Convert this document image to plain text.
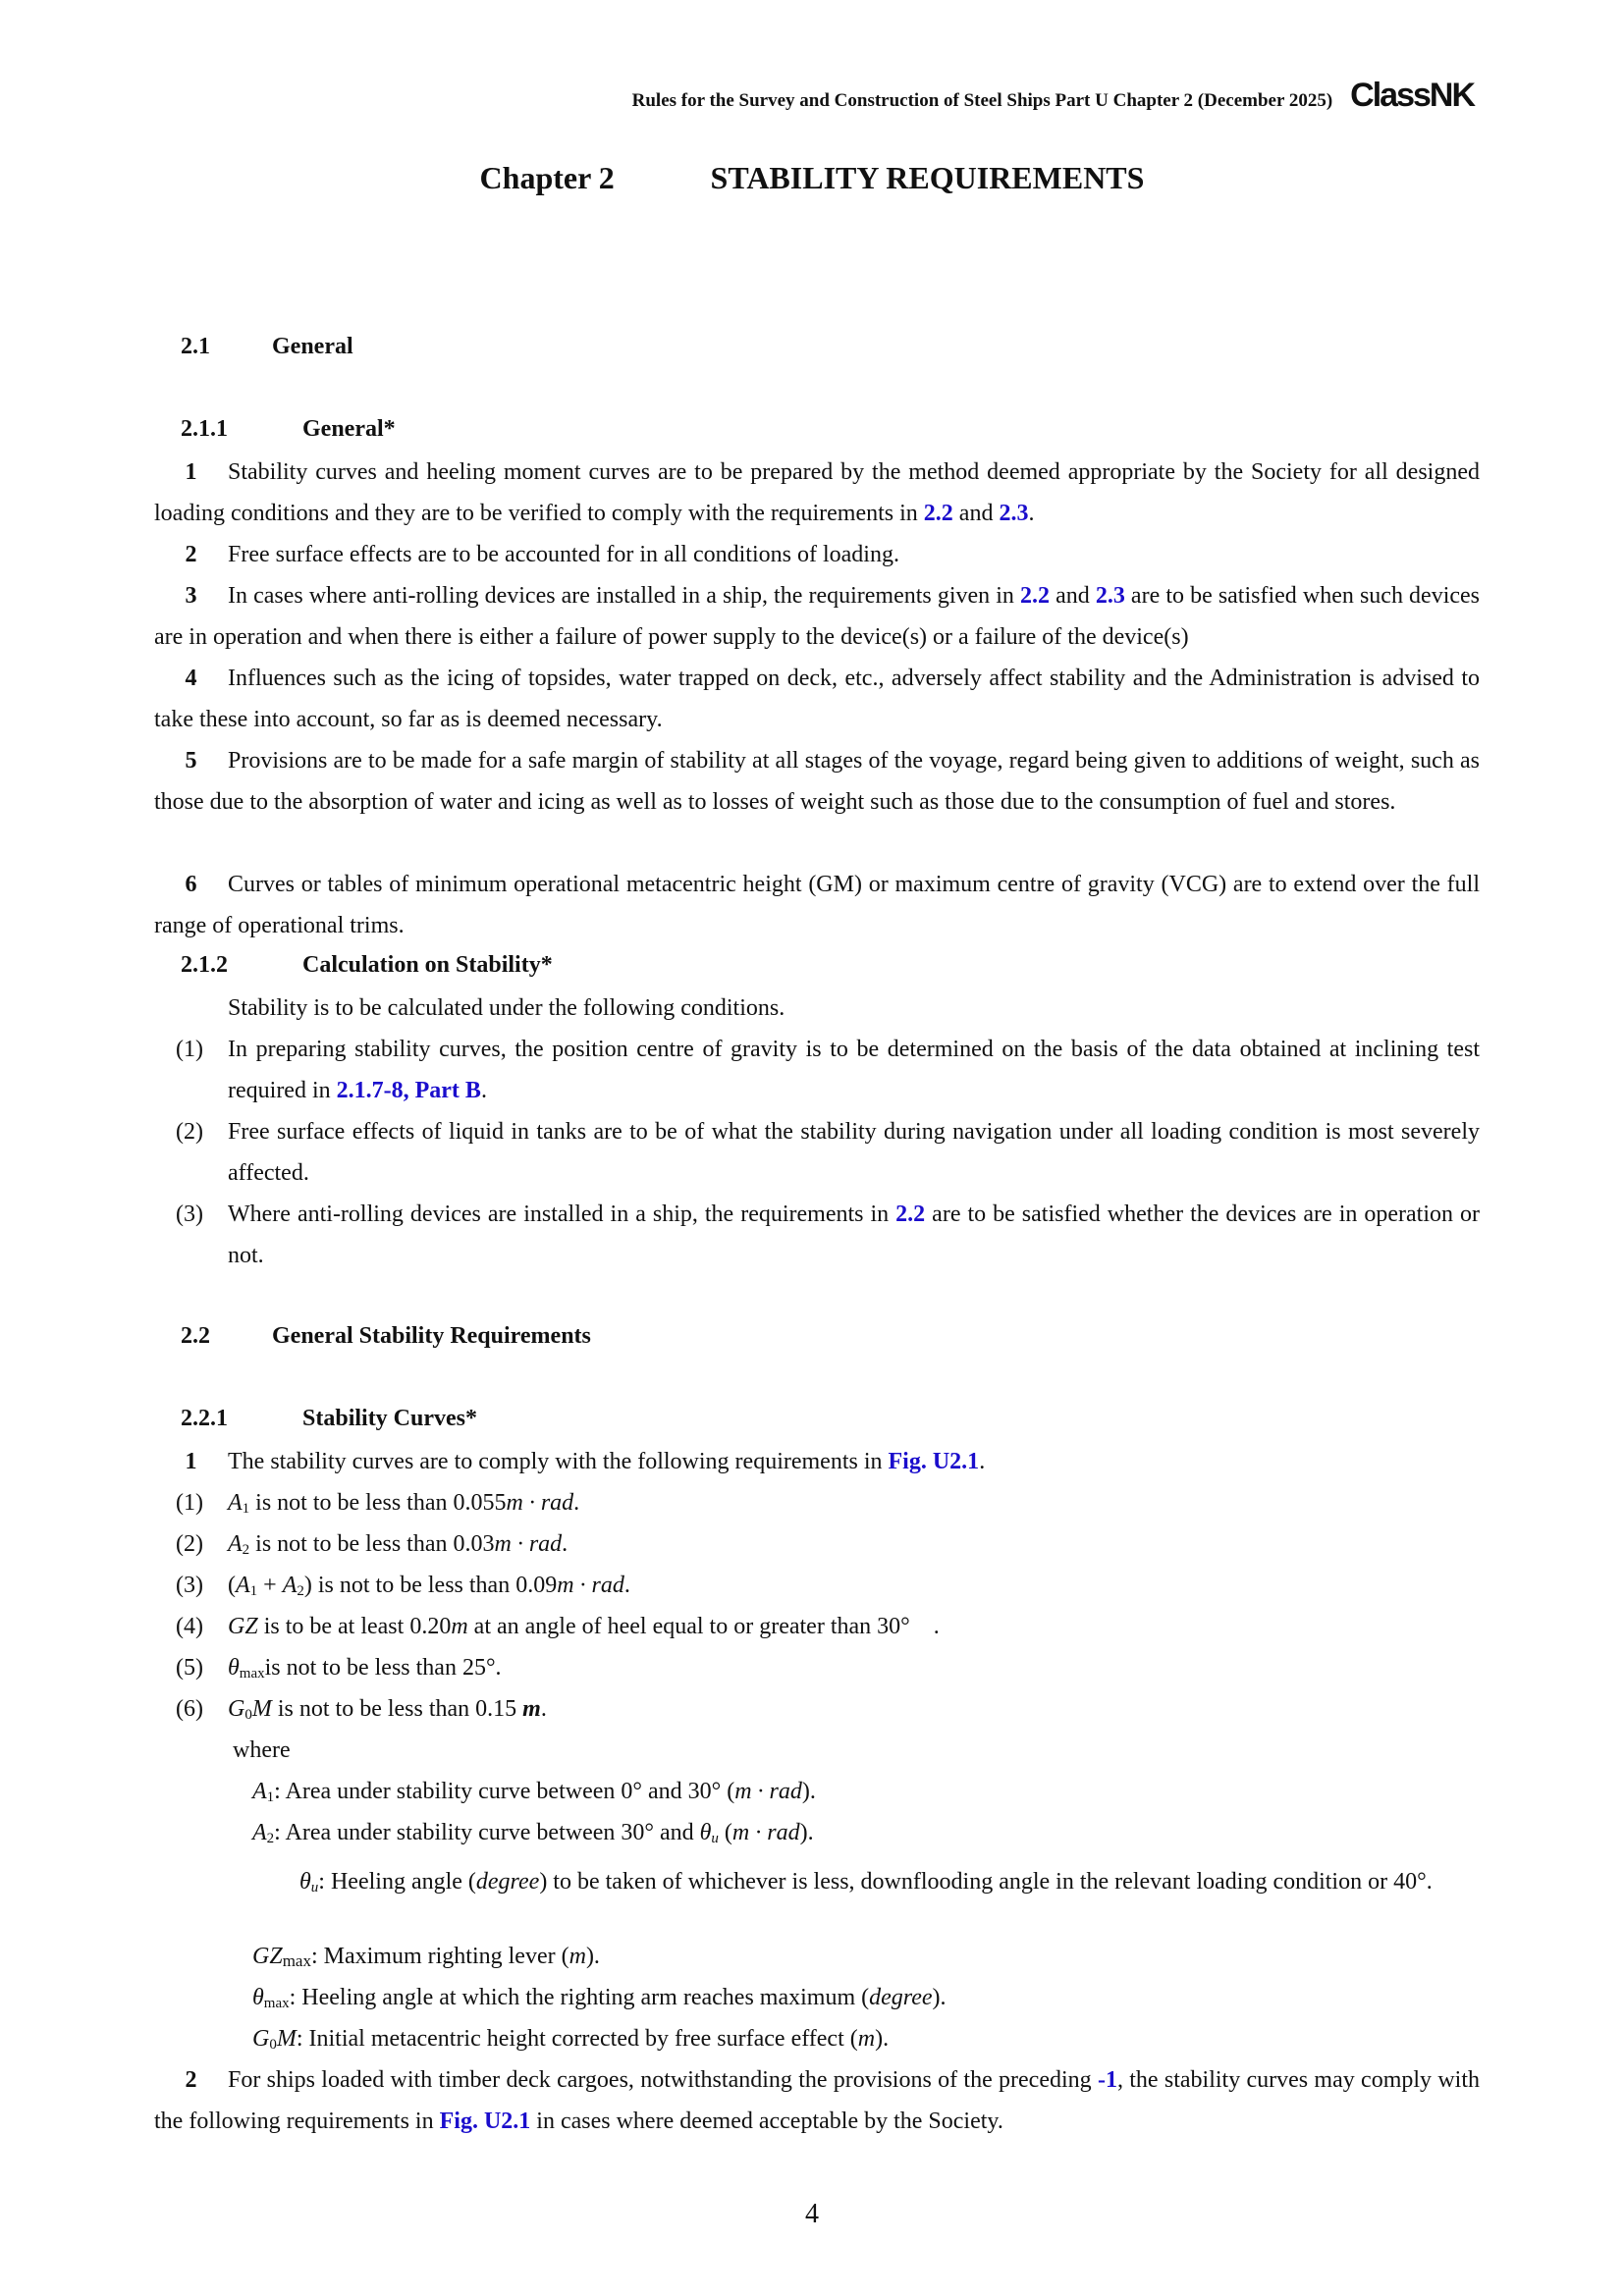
Rules for the Survey and Construction of Steel Ships Part U Chapter 2 (December 2025) ClassNK
Chapter 2	STABILITY REQUIREMENTS
2.1	General
2.1.1	General*
1 Stability curves and heeling moment curves are to be prepared by the method deemed appropriate by the Society for all designed loading conditions and they are to be verified to comply with the requirements in 2.2 and 2.3.
2 Free surface effects are to be accounted for in all conditions of loading.
3 In cases where anti-rolling devices are installed in a ship, the requirements given in 2.2 and 2.3 are to be satisfied when such devices are in operation and when there is either a failure of power supply to the device(s) or a failure of the device(s)
4 Influences such as the icing of topsides, water trapped on deck, etc., adversely affect stability and the Administration is advised to take these into account, so far as is deemed necessary.
5 Provisions are to be made for a safe margin of stability at all stages of the voyage, regard being given to additions of weight, such as those due to the absorption of water and icing as well as to losses of weight such as those due to the consumption of fuel and stores.
6 Curves or tables of minimum operational metacentric height (GM) or maximum centre of gravity (VCG) are to extend over the full range of operational trims.
2.1.2	Calculation on Stability*
Stability is to be calculated under the following conditions.
(1) In preparing stability curves, the position centre of gravity is to be determined on the basis of the data obtained at inclining test required in 2.1.7-8, Part B.
(2) Free surface effects of liquid in tanks are to be of what the stability during navigation under all loading condition is most severely affected.
(3) Where anti-rolling devices are installed in a ship, the requirements in 2.2 are to be satisfied whether the devices are in operation or not.
2.2	General Stability Requirements
2.2.1	Stability Curves*
1 The stability curves are to comply with the following requirements in Fig. U2.1.
(1) $A_1$ is not to be less than 0.055m · rad.
(2) $A_2$ is not to be less than 0.03m · rad.
(3) $(A_1 + A_2)$ is not to be less than 0.09m · rad.
(4) GZ is to be at least 0.20m at an angle of heel equal to or greater than 30°　.
(5) $\theta_{max}is$ not to be less than 25°.
(6) $G_0M$ is not to be less than 0.15 m.
where
$A_1$: Area under stability curve between 0° and 30° (m · rad).
$A_2$: Area under stability curve between 30° and $\theta_u$ (m · rad).
$\theta_u$: Heeling angle (degree) to be taken of whichever is less, downflooding angle in the relevant loading condition or 40°.
$GZ_{max}$: Maximum righting lever (m).
$\theta_{max}$: Heeling angle at which the righting arm reaches maximum (degree).
$G_0M$: Initial metacentric height corrected by free surface effect (m).
2 For ships loaded with timber deck cargoes, notwithstanding the provisions of the preceding -1, the stability curves may comply with the following requirements in Fig. U2.1 in cases where deemed acceptable by the Society.
4
